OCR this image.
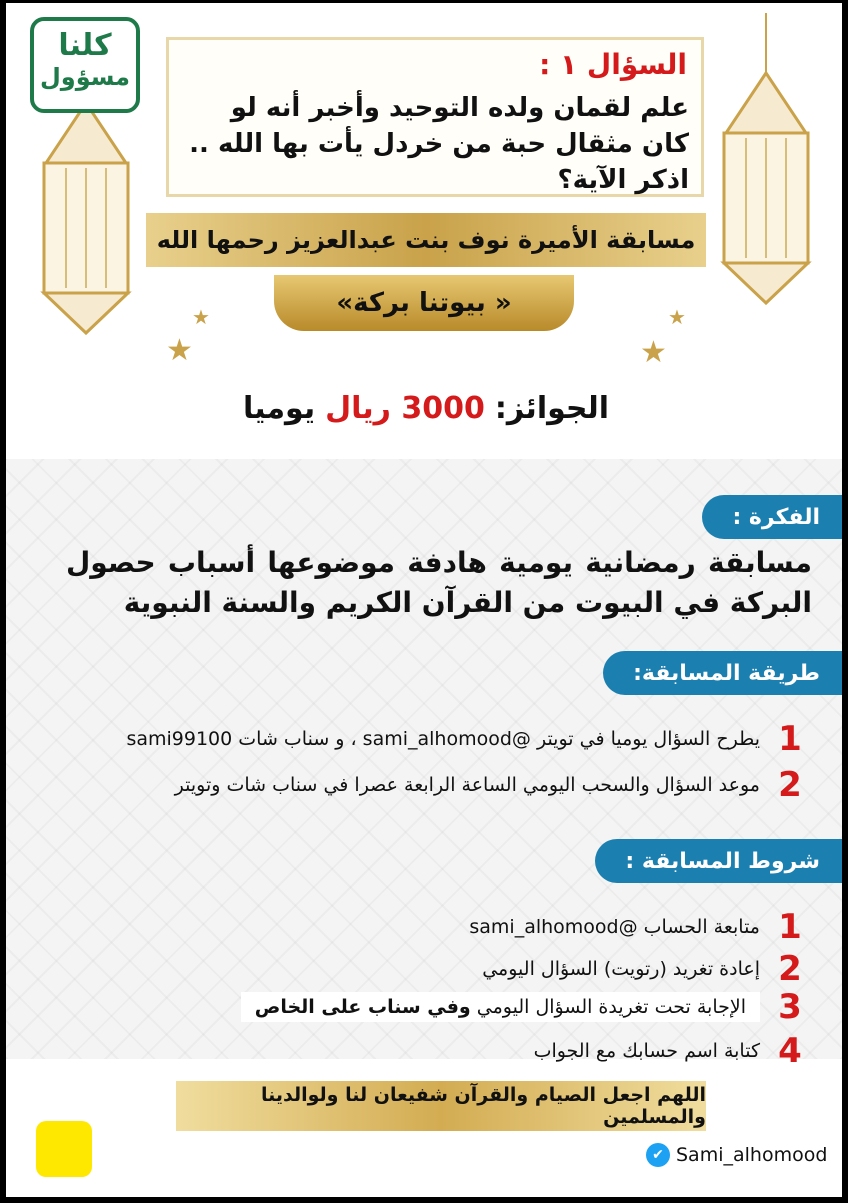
★
★
★
★
كلنا
مسؤول	السؤال ١ :
علم لقمان ولده التوحيد وأخبر أنه لو كان مثقال حبة من خردل يأت بها الله .. اذكر الآية؟
مسابقة الأميرة نوف بنت عبدالعزيز رحمها الله
« بيوتنا بركة»
الجوائز:
3000 ريال
يوميا
الفكرة :
مسابقة رمضانية يومية هادفة موضوعها أسباب حصول البركة في البيوت من القرآن الكريم والسنة النبوية
طريقة المسابقة:
1
يطرح السؤال يوميا في تويتر @sami_alhomood ، و سناب شات sami99100
2
موعد السؤال والسحب اليومي الساعة الرابعة عصرا في سناب شات وتويتر
شروط المسابقة :
1
متابعة الحساب @sami_alhomood
2
إعادة تغريد (رتويت) السؤال اليومي
3
الإجابة تحت تغريدة السؤال اليومي وفي سناب على الخاص
4
كتابة اسم حسابك مع الجواب
اللهم اجعل الصيام والقرآن شفيعان لنا ولوالدينا والمسلمين
✔ Sami_alhomood
